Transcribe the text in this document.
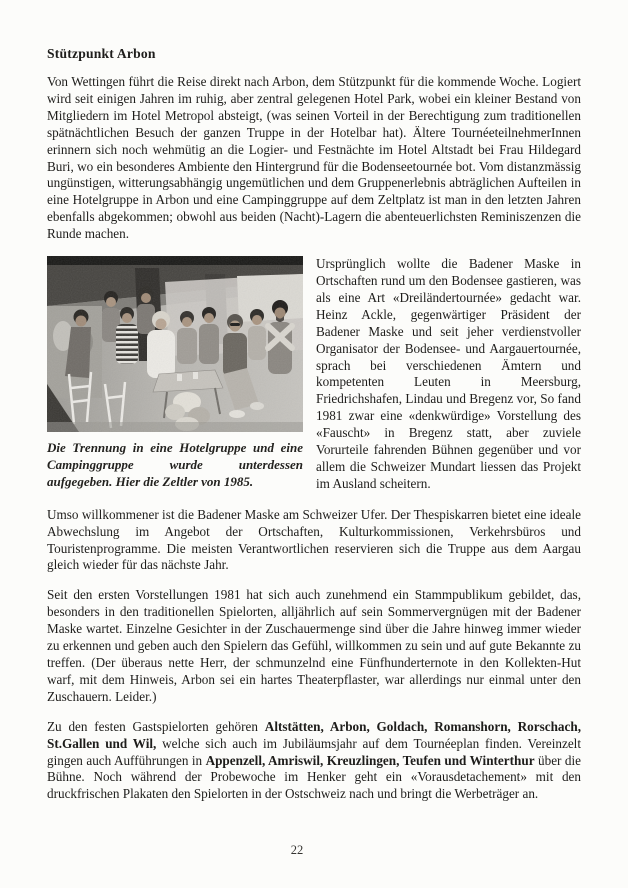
Stützpunkt Arbon

Von Wettingen führt die Reise direkt nach Arbon, dem Stützpunkt für die kommende Woche. Logiert wird seit einigen Jahren im ruhig, aber zentral gelegenen Hotel Park, wobei ein kleiner Bestand von Mitgliedern im Hotel Metropol absteigt, (was seinen Vorteil in der Berechtigung zum traditionellen spätnächtlichen Besuch der ganzen Truppe in der Hotelbar hat). Ältere TournéeteilnehmerInnen erinnern sich noch wehmütig an die Logier- und Festnächte im Hotel Altstadt bei Frau Hildegard Buri, wo ein besonderes Ambiente den Hintergrund für die Bodenseetournée bot. Vom distanzmässig ungünstigen, witterungsabhängig ungemütlichen und dem Gruppenerlebnis abträglichen Aufteilen in eine Hotelgruppe in Arbon und eine Campinggruppe auf dem Zeltplatz ist man in den letzten Jahren ebenfalls abgekommen; obwohl aus beiden (Nacht)-Lagern die abenteuerlichsten Reminiszenzen die Runde machen.

Die Trennung in eine Hotelgruppe und eine Campinggruppe wurde unterdessen aufgegeben. Hier die Zeltler von 1985.

Ursprünglich wollte die Badener Maske in Ortschaften rund um den Bodensee gastieren, was als eine Art «Dreiländertournée» gedacht war. Heinz Ackle, gegenwärtiger Präsident der Badener Maske und seit jeher verdienstvoller Organisator der Bodensee- und Aargauertournée, sprach bei verschiedenen Ämtern und kompetenten Leuten in Meersburg, Friedrichshafen, Lindau und Bregenz vor, So fand 1981 zwar eine «denkwürdige» Vorstellung des «Fauscht» in Bregenz statt, aber zuviele Vorurteile fahrenden Bühnen gegenüber und vor allem die Schweizer Mundart liessen das Projekt im Ausland scheitern.

Umso willkommener ist die Badener Maske am Schweizer Ufer. Der Thespiskarren bietet eine ideale Abwechslung im Angebot der Ortschaften, Kulturkommissionen, Verkehrsbüros und Touristenprogramme. Die meisten Verantwortlichen reservieren sich die Truppe aus dem Aargau gleich wieder für das nächste Jahr.

Seit den ersten Vorstellungen 1981 hat sich auch zunehmend ein Stammpublikum gebildet, das, besonders in den traditionellen Spielorten, alljährlich auf sein Sommervergnügen mit der Badener Maske wartet. Einzelne Gesichter in der Zuschauermenge sind über die Jahre hinweg immer wieder zu erkennen und geben auch den Spielern das Gefühl, willkommen zu sein und auf gute Bekannte zu treffen. (Der überaus nette Herr, der schmunzelnd eine Fünfhunderternote in den Kollekten-Hut warf, mit dem Hinweis, Arbon sei ein hartes Theaterpflaster, war allerdings nur einmal unter den Zuschauern. Leider.)

Zu den festen Gastspielorten gehören Altstätten, Arbon, Goldach, Romanshorn, Rorschach, St.Gallen und Wil, welche sich auch im Jubiläumsjahr auf dem Tournéeplan finden. Vereinzelt gingen auch Aufführungen in Appenzell, Amriswil, Kreuzlingen, Teufen und Winterthur über die Bühne. Noch während der Probewoche im Henker geht ein «Vorausdetachement» mit den druckfrischen Plakaten den Spielorten in der Ostschweiz nach und bringt die Werbeträger an.

22
